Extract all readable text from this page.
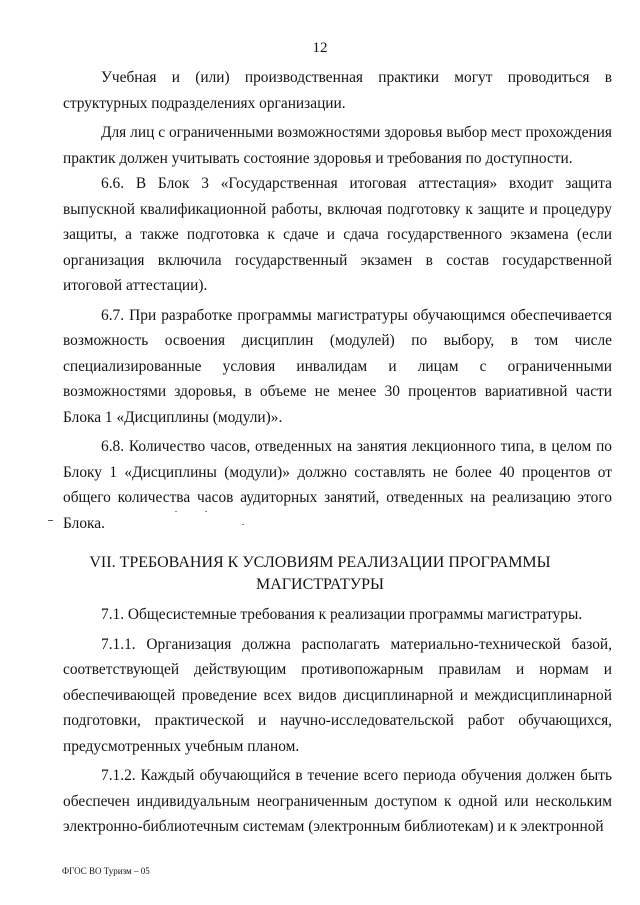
12

Учебная и (или) производственная практики могут проводиться в структурных подразделениях организации.

Для лиц с ограниченными возможностями здоровья выбор мест прохождения практик должен учитывать состояние здоровья и требования по доступности.

6.6. В Блок 3 «Государственная итоговая аттестация» входит защита выпускной квалификационной работы, включая подготовку к защите и процедуру защиты, а также подготовка к сдаче и сдача государственного экзамена (если организация включила государственный экзамен в состав государственной итоговой аттестации).

6.7. При разработке программы магистратуры обучающимся обеспечивается возможность освоения дисциплин (модулей) по выбору, в том числе специализированные условия инвалидам и лицам с ограниченными возможностями здоровья, в объеме не менее 30 процентов вариативной части Блока 1 «Дисциплины (модули)».

6.8. Количество часов, отведенных на занятия лекционного типа, в целом по Блоку 1 «Дисциплины (модули)» должно составлять не более 40 процентов от общего количества часов аудиторных занятий, отведенных на реализацию этого Блока.

VII. ТРЕБОВАНИЯ К УСЛОВИЯМ РЕАЛИЗАЦИИ ПРОГРАММЫ
МАГИСТРАТУРЫ

7.1. Общесистемные требования к реализации программы магистратуры.

7.1.1. Организация должна располагать материально-технической базой, соответствующей действующим противопожарным правилам и нормам и обеспечивающей проведение всех видов дисциплинарной и междисциплинарной подготовки, практической и научно-исследовательской работ обучающихся, предусмотренных учебным планом.

7.1.2. Каждый обучающийся в течение всего периода обучения должен быть обеспечен индивидуальным неограниченным доступом к одной или нескольким электронно-библиотечным системам (электронным библиотекам) и к электронной

ФГОС ВО Туризм – 05
